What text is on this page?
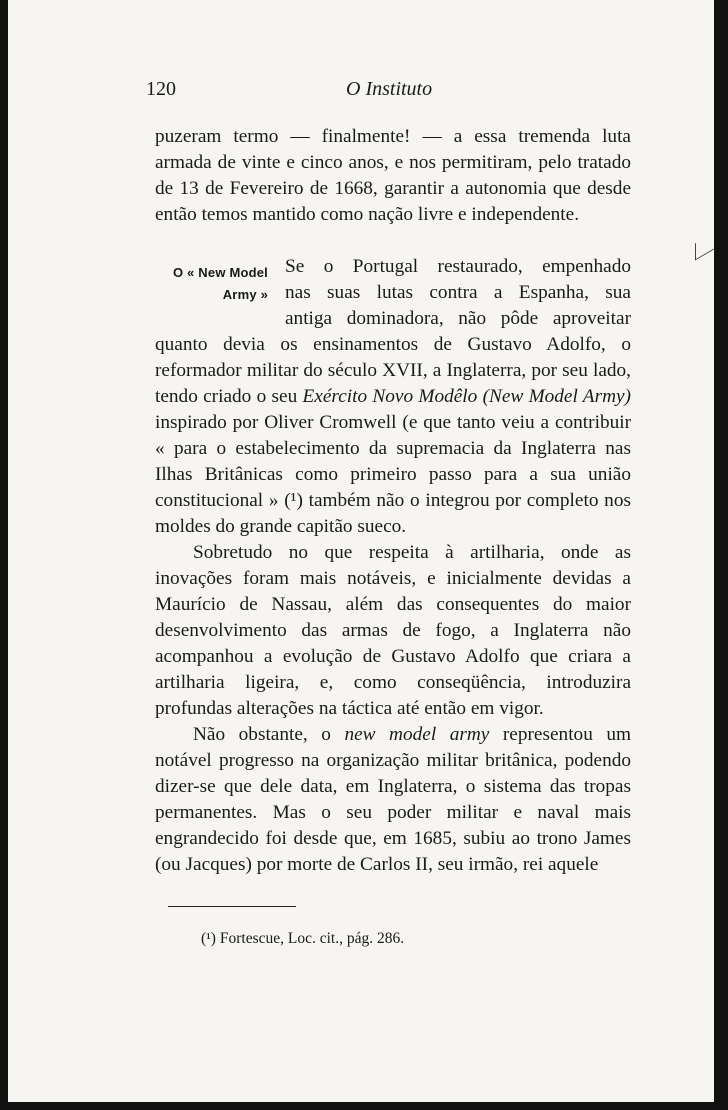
120	O Instituto

puzeram termo — finalmente! — a essa tremenda luta armada de vinte e cinco anos, e nos permitiram, pelo tratado de 13 de Fevereiro de 1668, garantir a autonomia que desde então temos mantido como nação livre e independente.

O « New Model
Army »

Se o Portugal restaurado, empenhado
nas suas lutas contra a Espanha, sua
antiga dominadora, não pôde aproveitar
quanto devia os ensinamentos de Gustavo Adolfo, o reformador militar do século XVII, a Inglaterra, por seu lado, tendo criado o seu Exército Novo Modêlo (New Model Army) inspirado por Oliver Cromwell (e que tanto veiu a contribuir « para o estabelecimento da supremacia da Inglaterra nas Ilhas Britânicas como primeiro passo para a sua união constitucional » (¹) também não o integrou por completo nos moldes do grande capitão sueco.

Sobretudo no que respeita à artilharia, onde as inovações foram mais notáveis, e inicialmente devidas a Maurício de Nassau, além das consequentes do maior desenvolvimento das armas de fogo, a Inglaterra não acompanhou a evolução de Gustavo Adolfo que criara a artilharia ligeira, e, como conseqüência, introduzira profundas alterações na táctica até então em vigor.

Não obstante, o new model army representou um notável progresso na organização militar britânica, podendo dizer-se que dele data, em Inglaterra, o sistema das tropas permanentes. Mas o seu poder militar e naval mais engrandecido foi desde que, em 1685, subiu ao trono James (ou Jacques) por morte de Carlos II, seu irmão, rei aquele

(¹) Fortescue, Loc. cit., pág. 286.
